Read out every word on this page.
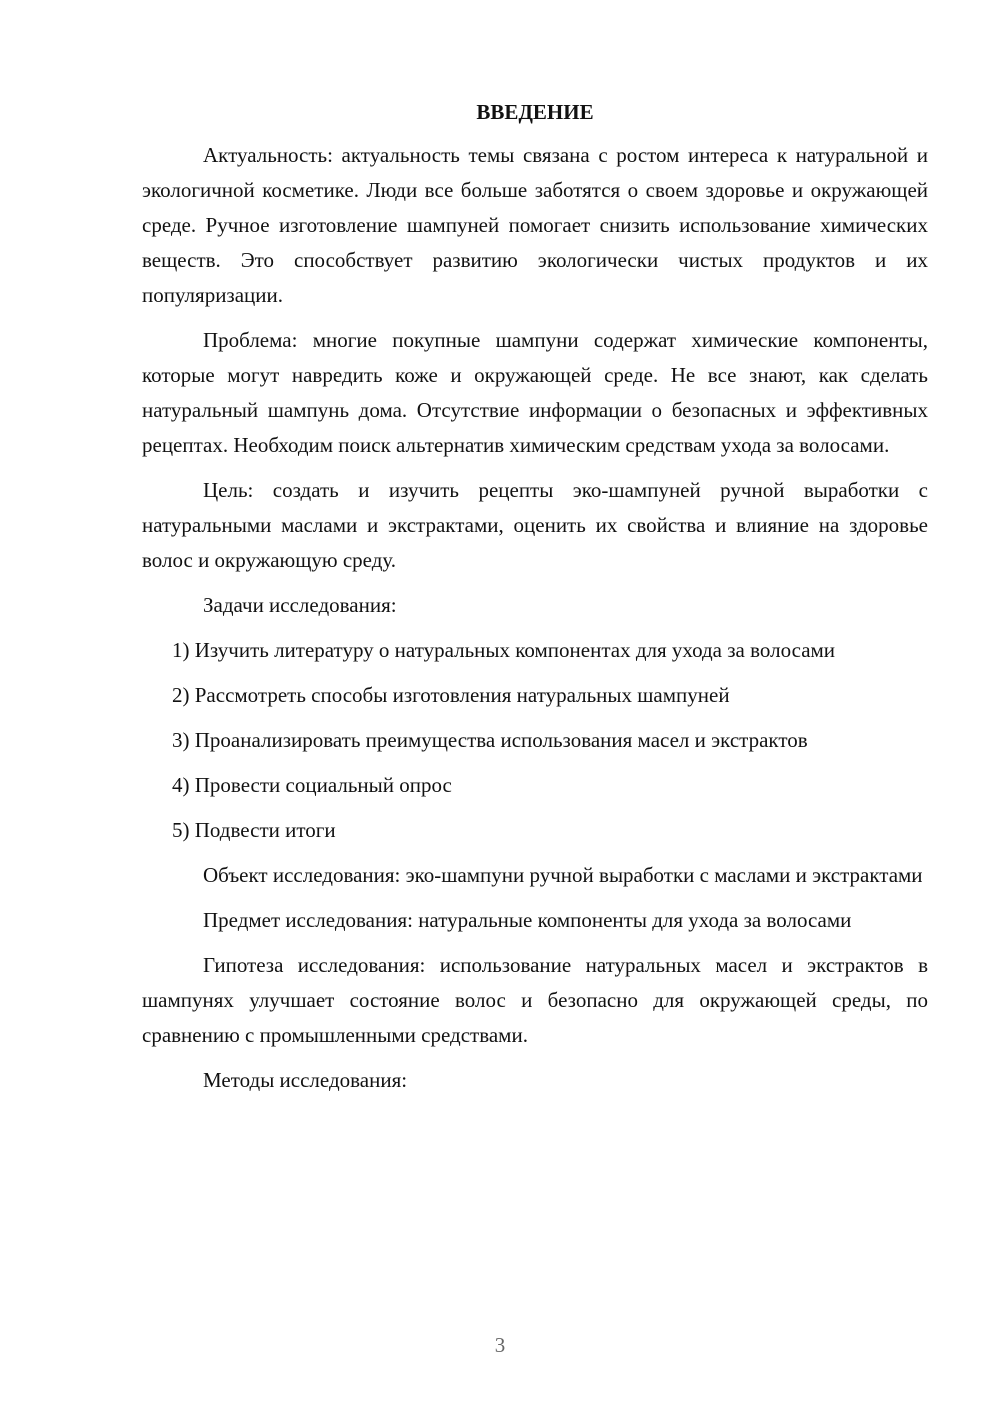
ВВЕДЕНИЕ

Актуальность: актуальность темы связана с ростом интереса к натуральной и экологичной косметике. Люди все больше заботятся о своем здоровье и окружающей среде. Ручное изготовление шампуней помогает снизить использование химических веществ. Это способствует развитию экологически чистых продуктов и их популяризации.

Проблема: многие покупные шампуни содержат химические компоненты, которые могут навредить коже и окружающей среде. Не все знают, как сделать натуральный шампунь дома. Отсутствие информации о безопасных и эффективных рецептах. Необходим поиск альтернатив химическим средствам ухода за волосами.

Цель: создать и изучить рецепты эко-шампуней ручной выработки с натуральными маслами и экстрактами, оценить их свойства и влияние на здоровье волос и окружающую среду.

Задачи исследования:

1) Изучить литературу о натуральных компонентах для ухода за волосами

2) Рассмотреть способы изготовления натуральных шампуней

3) Проанализировать преимущества использования масел и экстрактов

4) Провести социальный опрос

5) Подвести итоги

Объект исследования: эко-шампуни ручной выработки с маслами и экстрактами

Предмет исследования: натуральные компоненты для ухода за волосами

Гипотеза исследования: использование натуральных масел и экстрактов в шампунях улучшает состояние волос и безопасно для окружающей среды, по сравнению с промышленными средствами.

Методы исследования:

3
